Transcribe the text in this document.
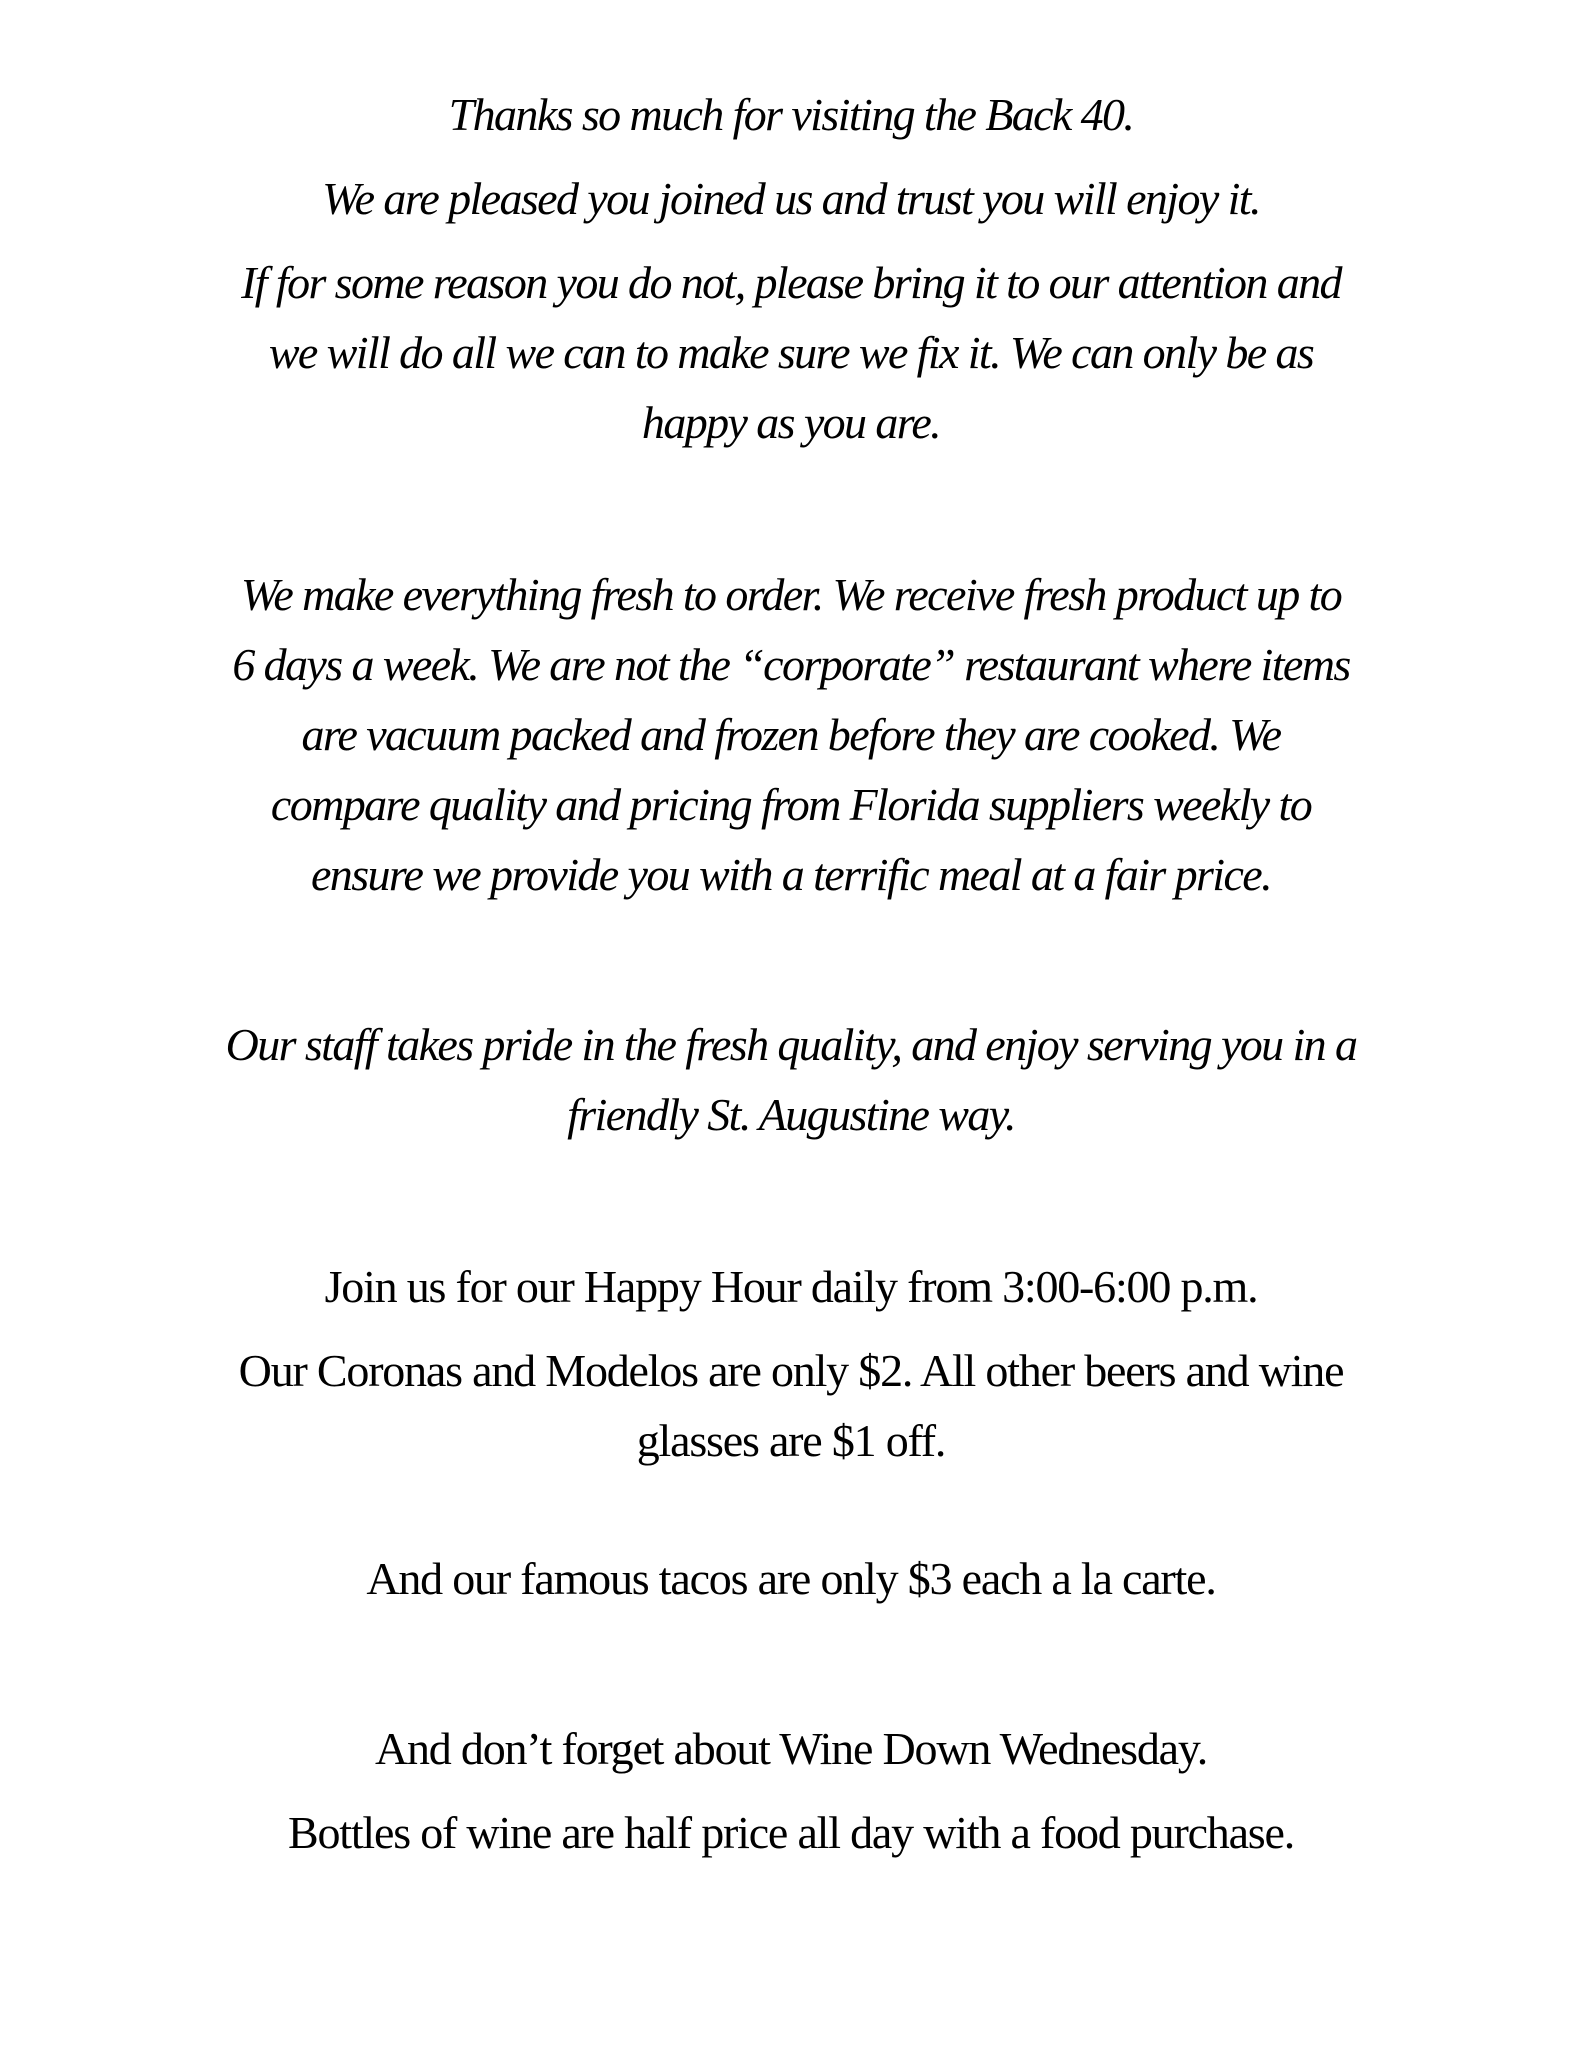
Thanks so much for visiting the Back 40.
We are pleased you joined us and trust you will enjoy it.
If for some reason you do not, please bring it to our attention and
we will do all we can to make sure we fix it. We can only be as
happy as you are.
We make everything fresh to order. We receive fresh product up to
6 days a week. We are not the “corporate” restaurant where items
are vacuum packed and frozen before they are cooked. We
compare quality and pricing from Florida suppliers weekly to
ensure we provide you with a terrific meal at a fair price.
Our staff takes pride in the fresh quality, and enjoy serving you in a
friendly St. Augustine way.
Join us for our Happy Hour daily from 3:00-6:00 p.m.
Our Coronas and Modelos are only $2. All other beers and wine
glasses are $1 off.
And our famous tacos are only $3 each a la carte.
And don’t forget about Wine Down Wednesday.
Bottles of wine are half price all day with a food purchase.
